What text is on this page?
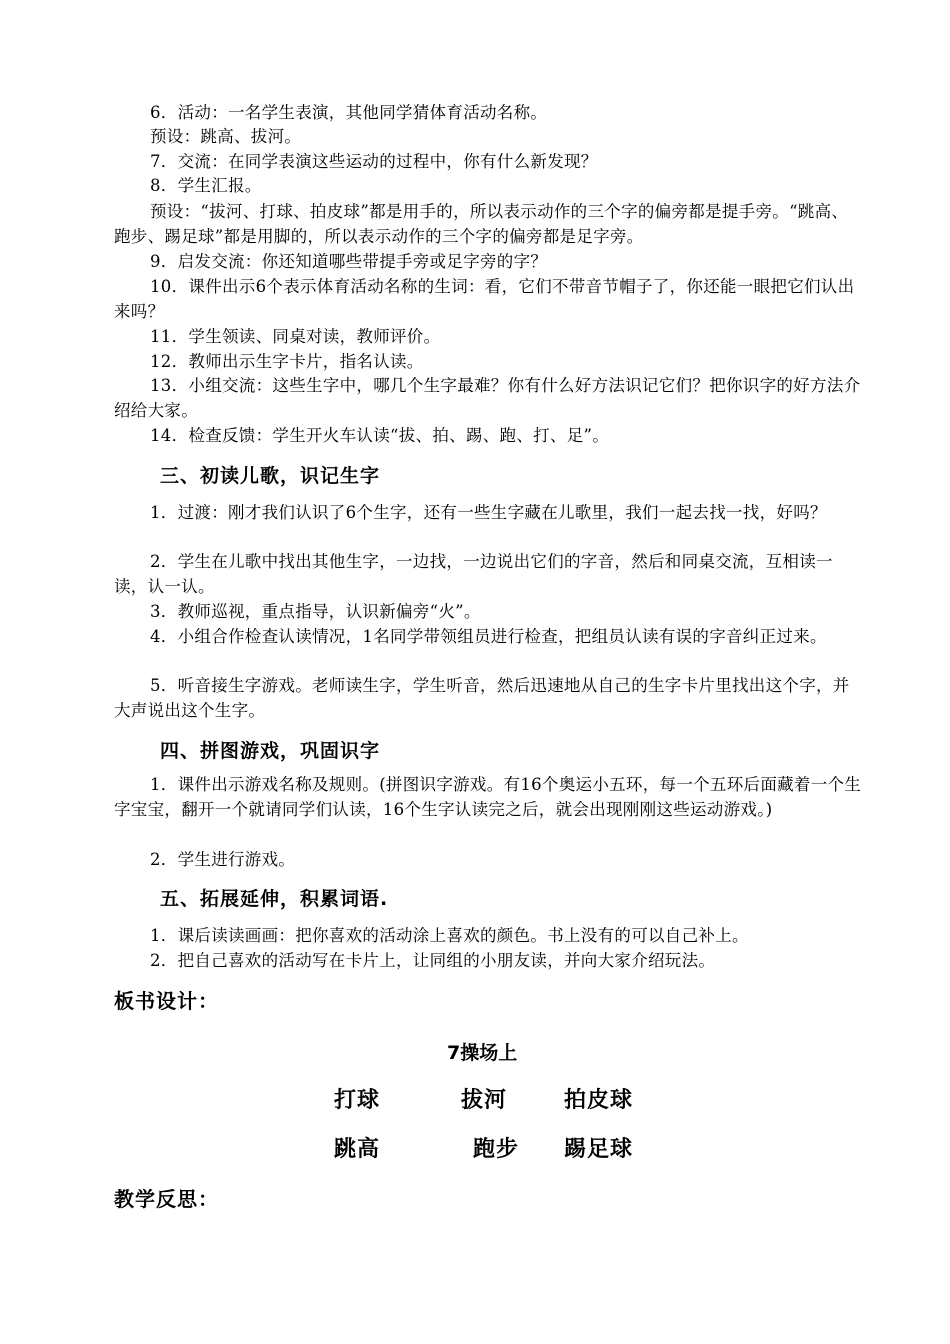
6．活动：一名学生表演，其他同学猜体育活动名称。
预设：跳高、拔河。
7．交流：在同学表演这些运动的过程中，你有什么新发现？
8．学生汇报。
预设：“拔河、打球、拍皮球”都是用手的，所以表示动作的三个字的偏旁都是提手旁。“跳高、跑步、踢足球”都是用脚的，所以表示动作的三个字的偏旁都是足字旁。
9．启发交流：你还知道哪些带提手旁或足字旁的字？
10．课件出示6个表示体育活动名称的生词：看，它们不带音节帽子了，你还能一眼把它们认出来吗？
11．学生领读、同桌对读，教师评价。
12．教师出示生字卡片，指名认读。
13．小组交流：这些生字中，哪几个生字最难？你有什么好方法识记它们？把你识字的好方法介绍给大家。
14．检查反馈：学生开火车认读“拔、拍、踢、跑、打、足”。
三、初读儿歌，识记生字
1．过渡：刚才我们认识了6个生字，还有一些生字藏在儿歌里，我们一起去找一找，好吗？
2．学生在儿歌中找出其他生字，一边找，一边说出它们的字音，然后和同桌交流，互相读一读，认一认。
3．教师巡视，重点指导，认识新偏旁“火”。
4．小组合作检查认读情况，1名同学带领组员进行检查，把组员认读有误的字音纠正过来。
5．听音接生字游戏。老师读生字，学生听音，然后迅速地从自己的生字卡片里找出这个字，并大声说出这个生字。
四、拼图游戏，巩固识字
1．课件出示游戏名称及规则。(拼图识字游戏。有16个奥运小五环，每一个五环后面藏着一个生字宝宝，翻开一个就请同学们认读，16个生字认读完之后，就会出现刚刚这些运动游戏。)
2．学生进行游戏。
五、拓展延伸，积累词语.
1．课后读读画画：把你喜欢的活动涂上喜欢的颜色。书上没有的可以自己补上。
2．把自己喜欢的活动写在卡片上，让同组的小朋友读，并向大家介绍玩法。
板书设计：
7操场上
打球	拔河	拍皮球
跳高	跑步 踢足球
教学反思：
